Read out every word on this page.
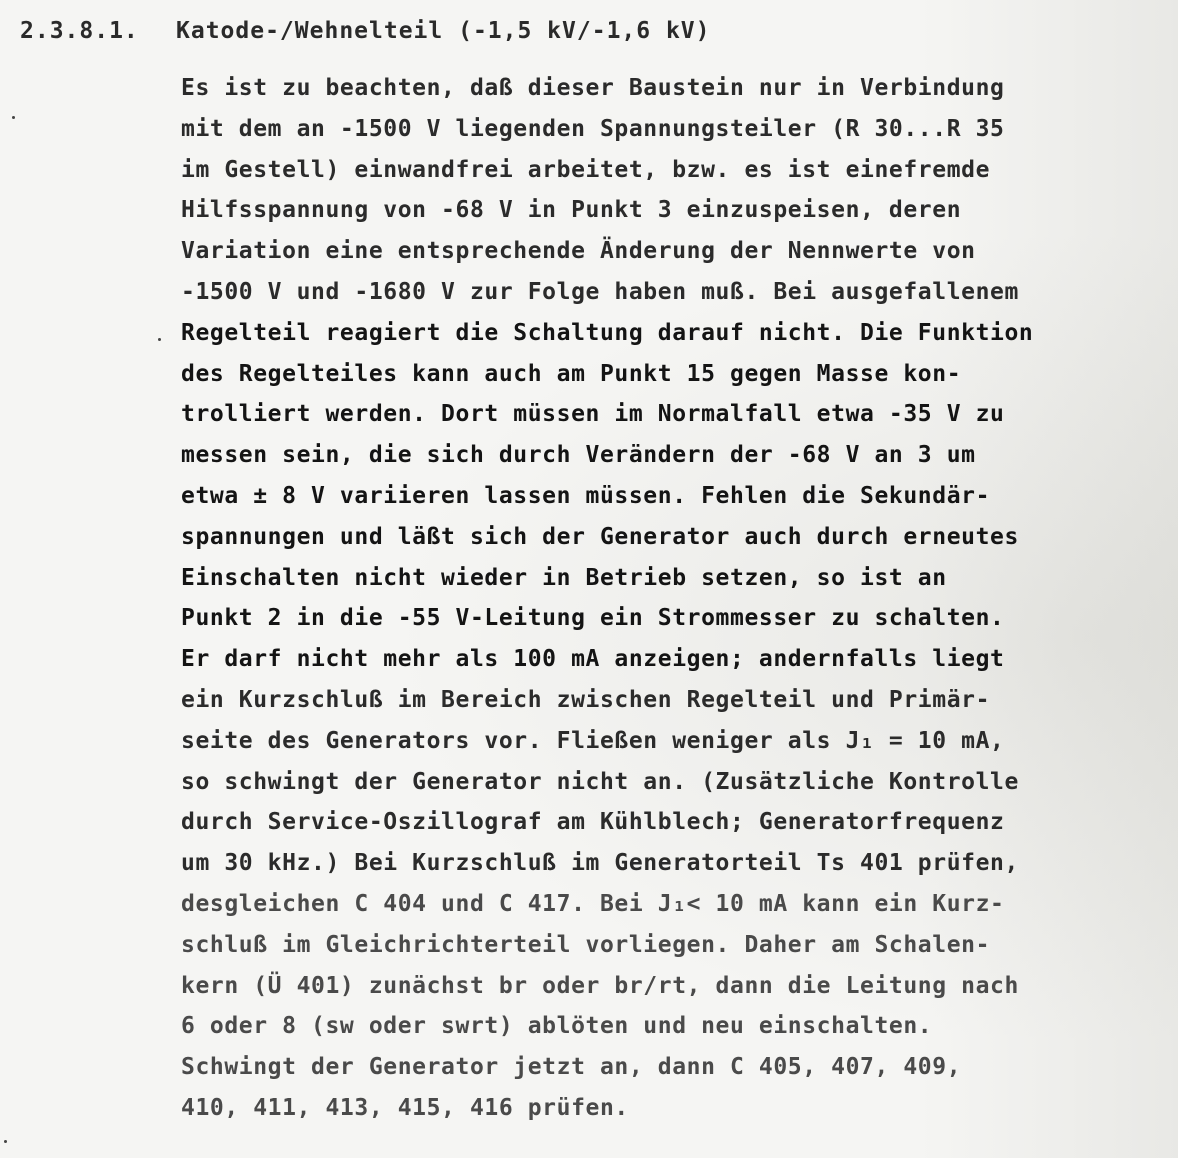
2.3.8.1. Katode-/Wehnelteil (-1,5 kV/-1,6 kV)
Es ist zu beachten, daß dieser Baustein nur in Verbindung
mit dem an -1500 V liegenden Spannungsteiler (R 30...R 35
im Gestell) einwandfrei arbeitet, bzw. es ist einefremde
Hilfsspannung von -68 V in Punkt 3 einzuspeisen, deren
Variation eine entsprechende Änderung der Nennwerte von
-1500 V und -1680 V zur Folge haben muß. Bei ausgefallenem
Regelteil reagiert die Schaltung darauf nicht. Die Funktion
des Regelteiles kann auch am Punkt 15 gegen Masse kon-
trolliert werden. Dort müssen im Normalfall etwa -35 V zu
messen sein, die sich durch Verändern der -68 V an 3 um
etwa ± 8 V variieren lassen müssen. Fehlen die Sekundär-
spannungen und läßt sich der Generator auch durch erneutes
Einschalten nicht wieder in Betrieb setzen, so ist an
Punkt 2 in die -55 V-Leitung ein Strommesser zu schalten.
Er darf nicht mehr als 100 mA anzeigen; andernfalls liegt
ein Kurzschluß im Bereich zwischen Regelteil und Primär-
seite des Generators vor. Fließen weniger als J₁ = 10 mA,
so schwingt der Generator nicht an. (Zusätzliche Kontrolle
durch Service-Oszillograf am Kühlblech; Generatorfrequenz
um 30 kHz.) Bei Kurzschluß im Generatorteil Ts 401 prüfen,
desgleichen C 404 und C 417. Bei J₁< 10 mA kann ein Kurz-
schluß im Gleichrichterteil vorliegen. Daher am Schalen-
kern (Ü 401) zunächst br oder br/rt, dann die Leitung nach
6 oder 8 (sw oder swrt) ablöten und neu einschalten.
Schwingt der Generator jetzt an, dann C 405, 407, 409,
410, 411, 413, 415, 416 prüfen.
